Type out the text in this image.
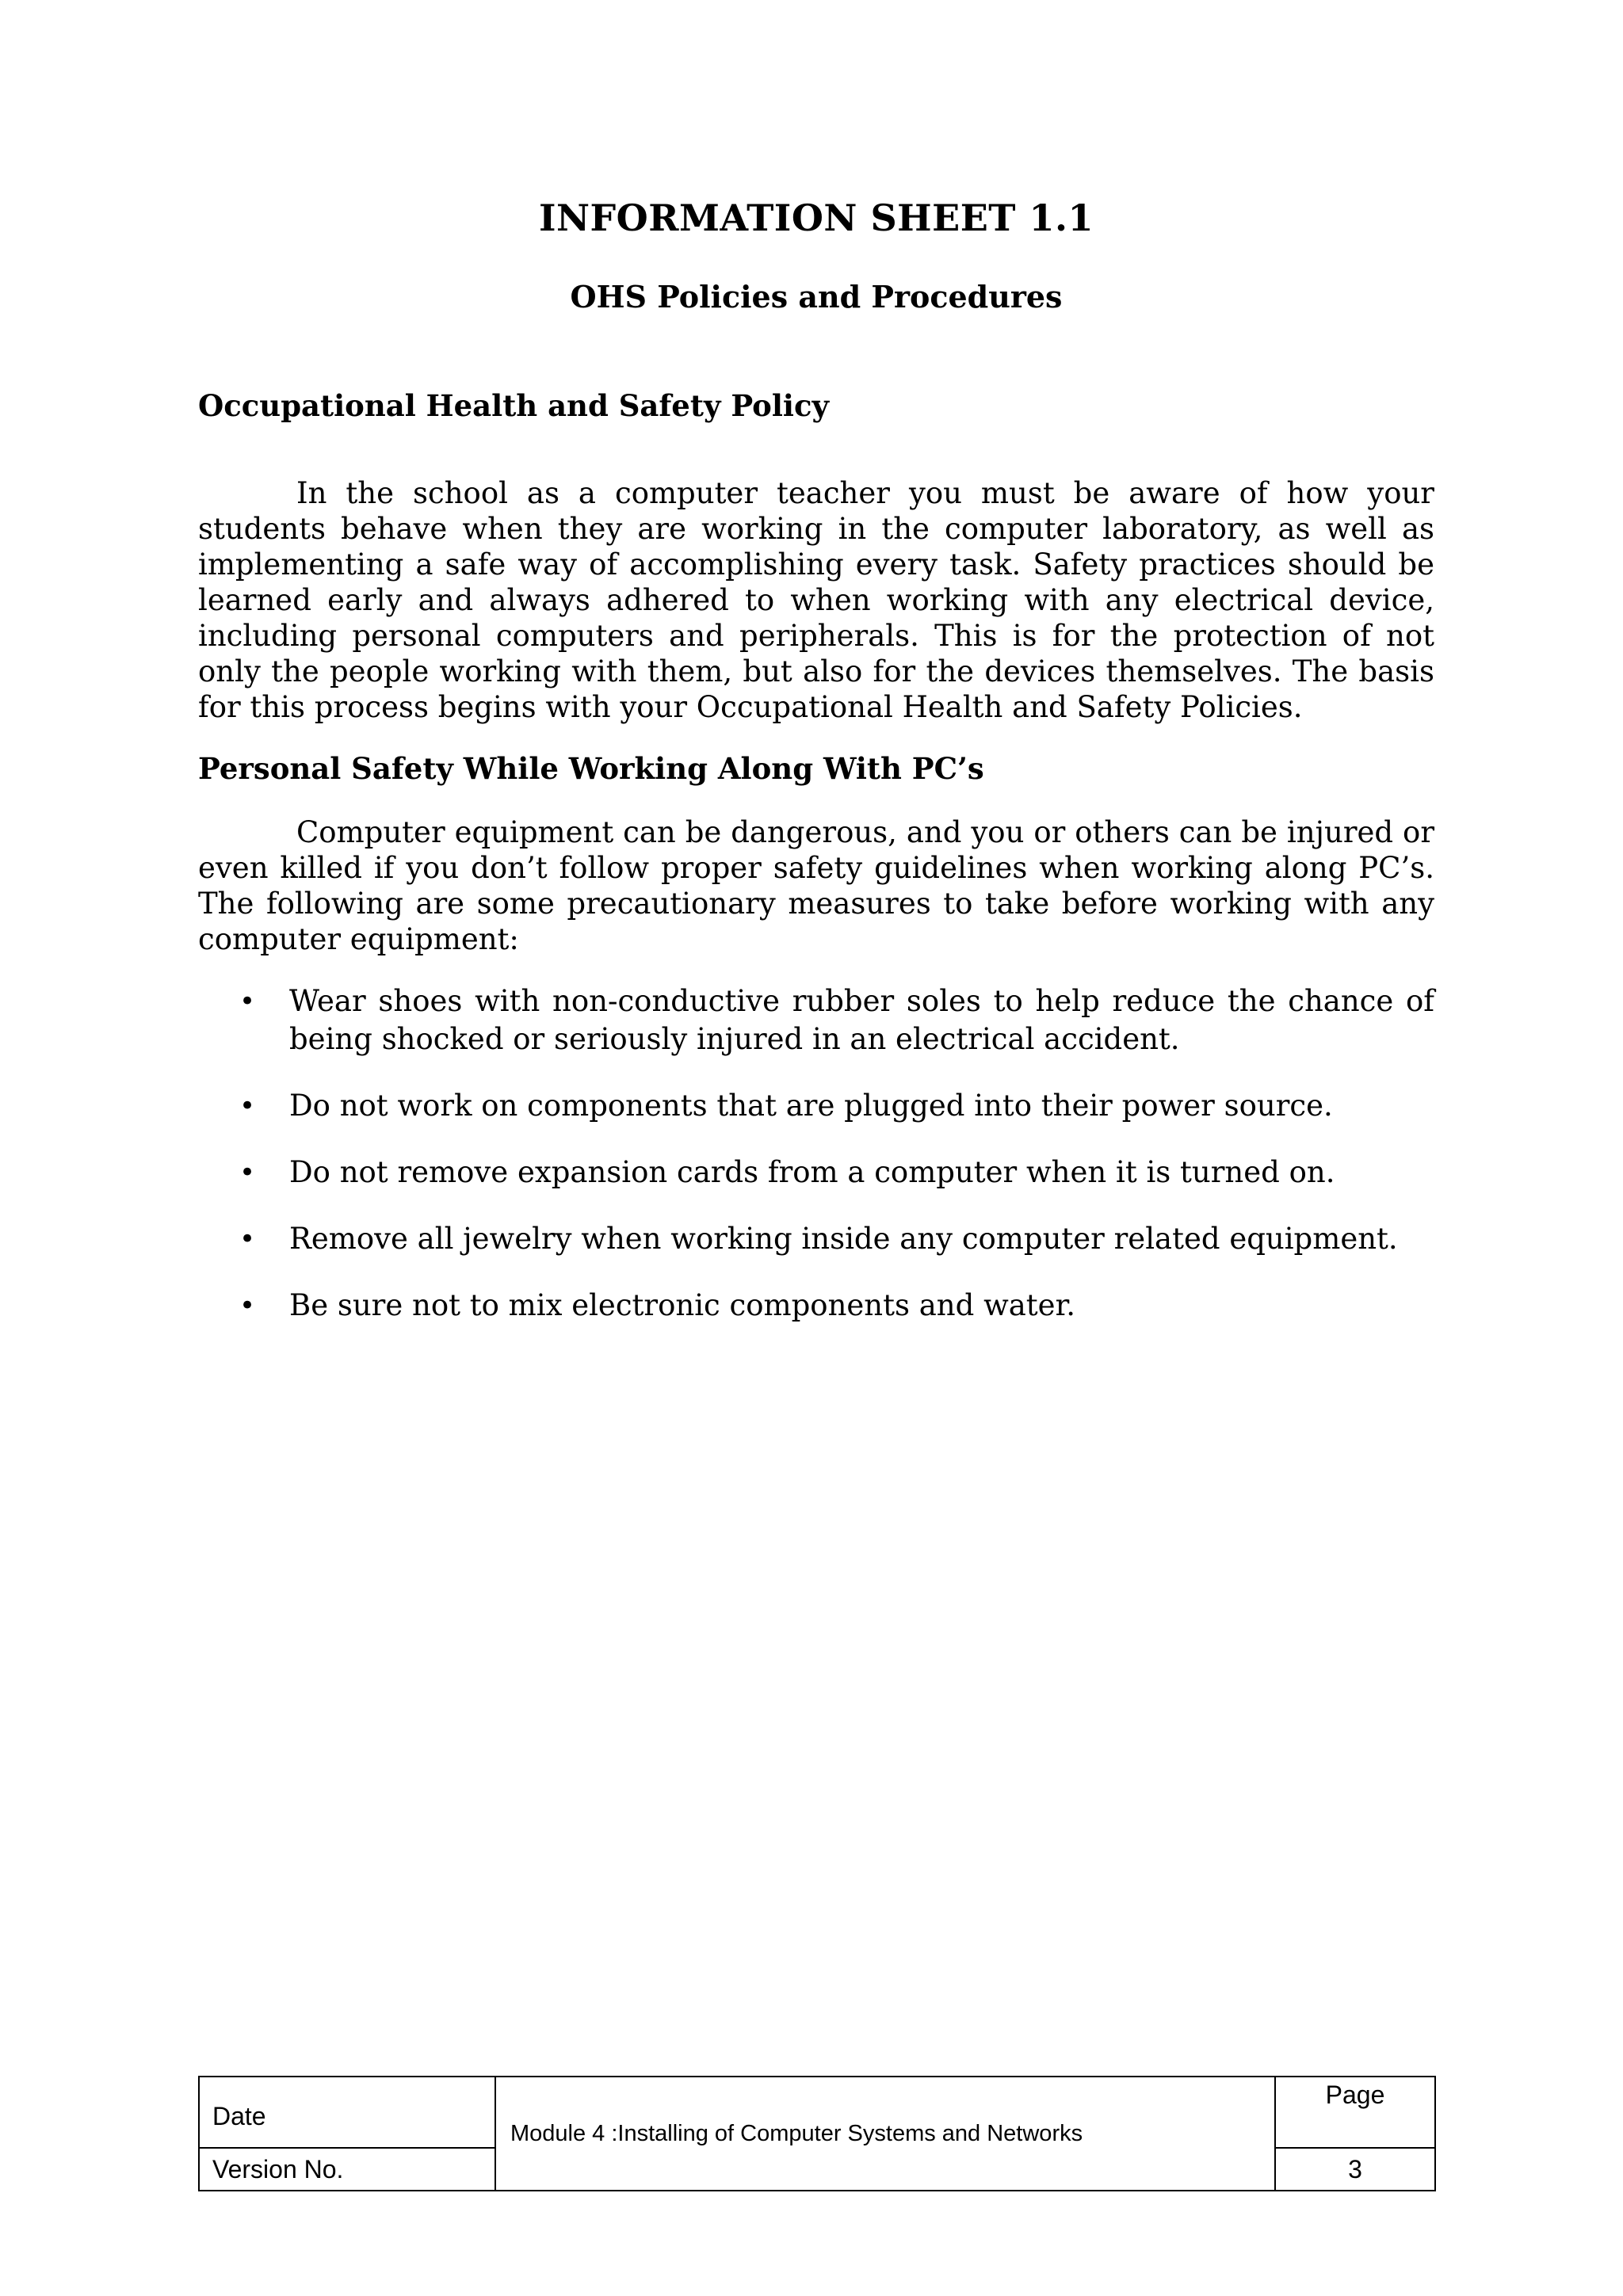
INFORMATION SHEET 1.1
OHS Policies and Procedures
Occupational Health and Safety Policy

In the school as a computer teacher you must be aware of how your students behave when they are working in the computer laboratory, as well as implementing a safe way of accomplishing every task. Safety practices should be learned early and always adhered to when working with any electrical device, including personal computers and peripherals. This is for the protection of not only the people working with them, but also for the devices themselves. The basis for this process begins with your Occupational Health and Safety Policies.

Personal Safety While Working Along With PC’s

Computer equipment can be dangerous, and you or others can be injured or even killed if you don’t follow proper safety guidelines when working along PC’s. The following are some precautionary measures to take before working with any computer equipment:

• Wear shoes with non-conductive rubber soles to help reduce the chance of being shocked or seriously injured in an electrical accident.
• Do not work on components that are plugged into their power source.
• Do not remove expansion cards from a computer when it is turned on.
• Remove all jewelry when working inside any computer related equipment.
• Be sure not to mix electronic components and water.
Date	Module 4 :Installing of Computer Systems and Networks	Page
Version No.		3
